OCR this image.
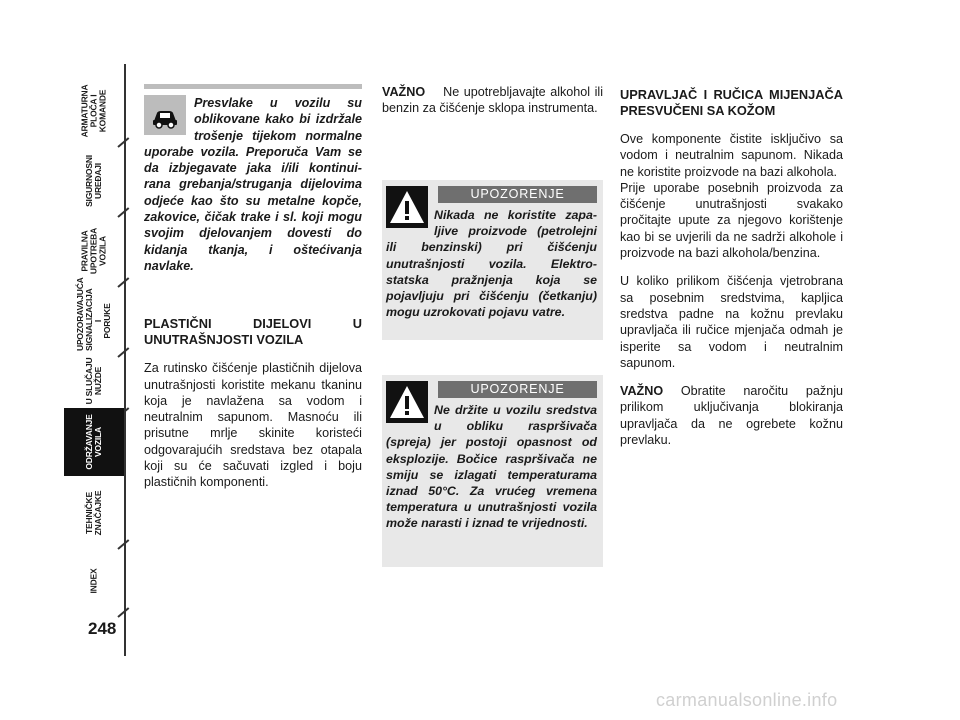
ARMATURNA
PLOČA I
KOMANDE
SIGURNOSNI
UREĐAJI
PRAVILNA
UPOTREBA
VOZILA
UPOZORAVAJUĆA
SIGNALIZACIJA I
PORUKE
U SLUČAJU
NUŽDE
ODRŽAVANJE
VOZILA
TEHNIČKE
ZNAČAJKE
INDEX
248

Presvlake u vozilu su oblikovane kako bi izdržale trošenje tijekom normalne uporabe vozila. Preporuča Vam se da izbjegavate jaka i/ili kontinui-rana grebanja/struganja dijelovima odjeće kao što su metalne kopče, zakovice, čičak trake i sl. koji mogu svojim djelovanjem dovesti do kidanja tkanja, i oštećivanja navlake.

PLASTIČNI DIJELOVI U UNUTRAŠNJOSTI VOZILA

Za rutinsko čišćenje plastičnih dijelova unutrašnjosti koristite mekanu tkaninu koja je navlažena sa vodom i neutralnim sapunom. Masnoću ili prisutne mrlje skinite koristeći odgovarajućih sredstava bez otapala koji su će sačuvati izgled i boju plastičnih komponenti.

VAŽNO Ne upotrebljavajte alkohol ili benzin za čišćenje sklopa instrumenta.

UPOZORENJE

Nikada ne koristite zapa-ljive proizvode (petrolejni ili benzinski) pri čišćenju unutrašnjosti vozila. Elektro-statska pražnjenja koja se pojavljuju pri čišćenju (četkanju) mogu uzrokovati pojavu vatre.

UPOZORENJE

Ne držite u vozilu sredstva u obliku raspršivača (spreja) jer postoji opasnost od eksplozije. Bočice raspršivača ne smiju se izlagati temperaturama iznad 50°C. Za vrućeg vremena temperatura u unutrašnjosti vozila može narasti i iznad te vrijednosti.

UPRAVLJAČ I RUČICA MIJENJAČA PRESVUČENI SA KOŽOM

Ove komponente čistite isključivo sa vodom i neutralnim sapunom. Nikada ne koristite proizvode na bazi alkohola.

Prije uporabe posebnih proizvoda za čišćenje unutrašnjosti svakako pročitajte upute za njegovo korištenje kao bi se uvjerili da ne sadrži alkohole i proizvode na bazi alkohola/benzina.

U koliko prilikom čišćenja vjetrobrana sa posebnim sredstvima, kapljica sredstva padne na kožnu prevlaku upravljača ili ručice mjenjača odmah je isperite sa vodom i neutralnim sapunom.

VAŽNO Obratite naročitu pažnju prilikom uključivanja blokiranja upravljača da ne ogrebete kožnu prevlaku.

carmanualsonline.info
